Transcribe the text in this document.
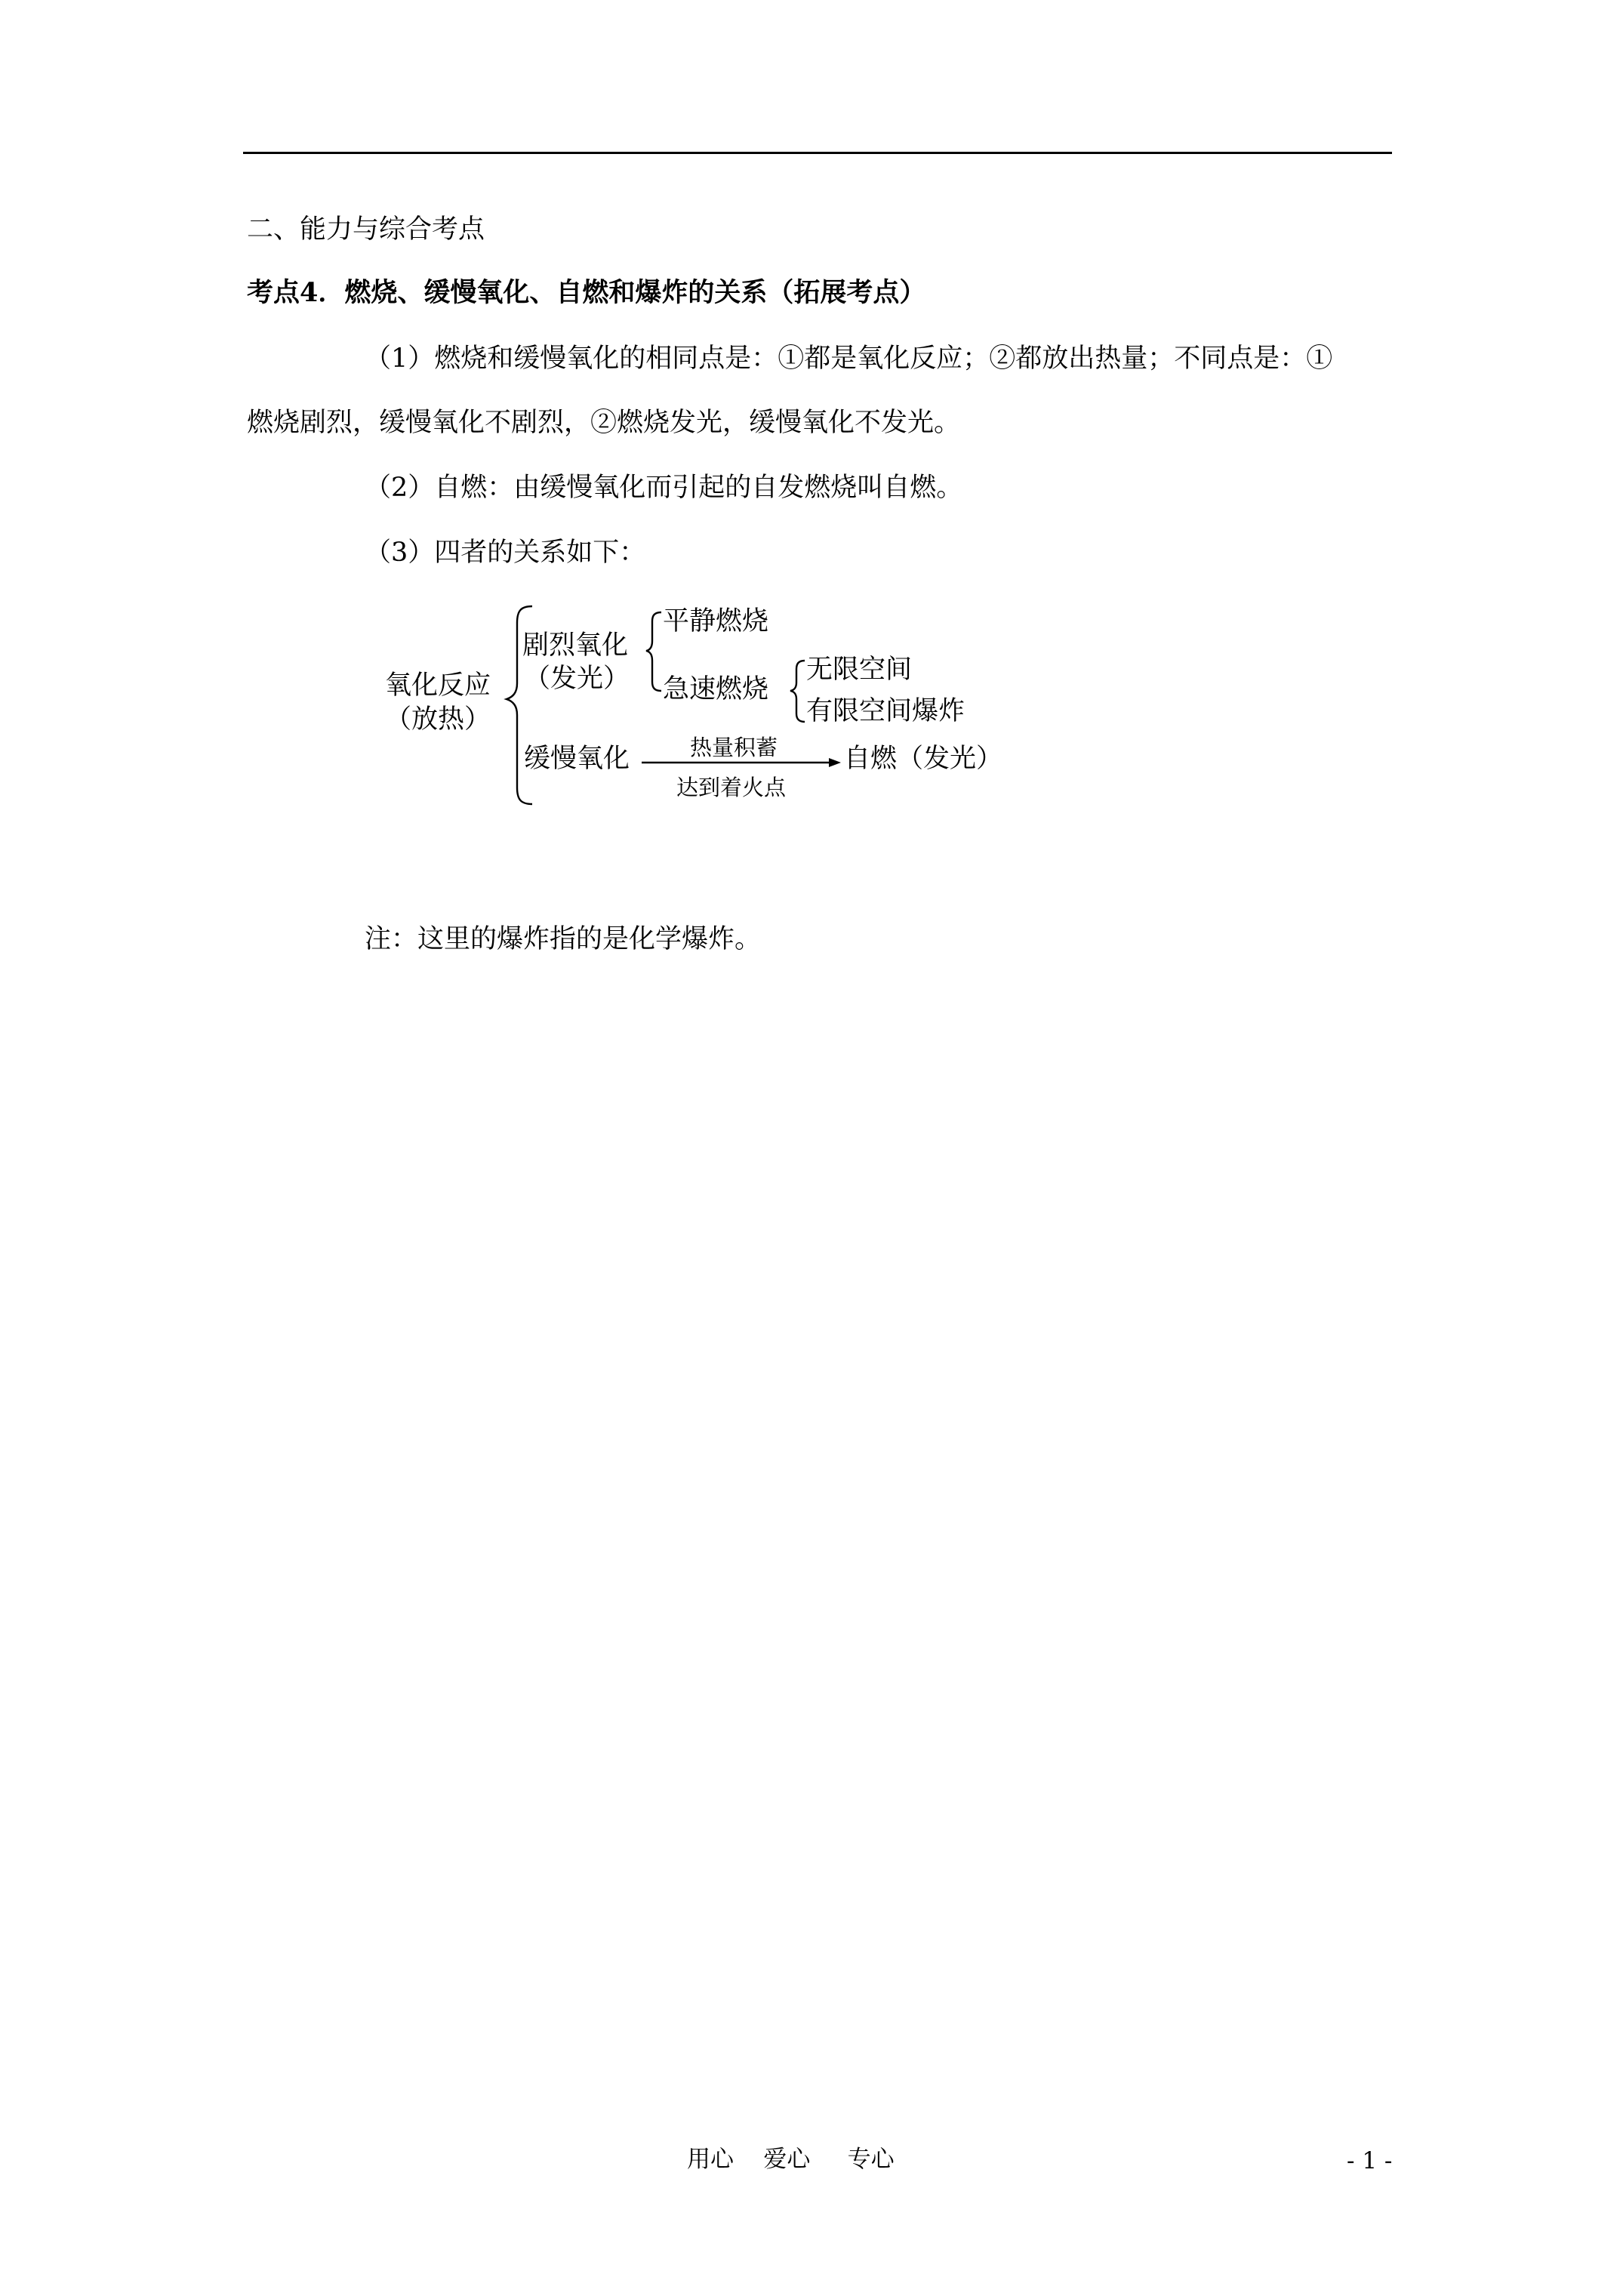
二、能力与综合考点

考点4．燃烧、缓慢氧化、自燃和爆炸的关系（拓展考点）

（1）燃烧和缓慢氧化的相同点是：①都是氧化反应；②都放出热量；不同点是：①

燃烧剧烈，缓慢氧化不剧烈，②燃烧发光，缓慢氧化不发光。

（2）自燃：由缓慢氧化而引起的自发燃烧叫自燃。

（3）四者的关系如下：

氧化反应
（放热）
剧烈氧化
（发光）
平静燃烧
急速燃烧
无限空间
有限空间爆炸
缓慢氧化	热量积蓄
达到着火点
自燃（发光）

注：这里的爆炸指的是化学爆炸。

用心    爱心     专心	- 1 -
